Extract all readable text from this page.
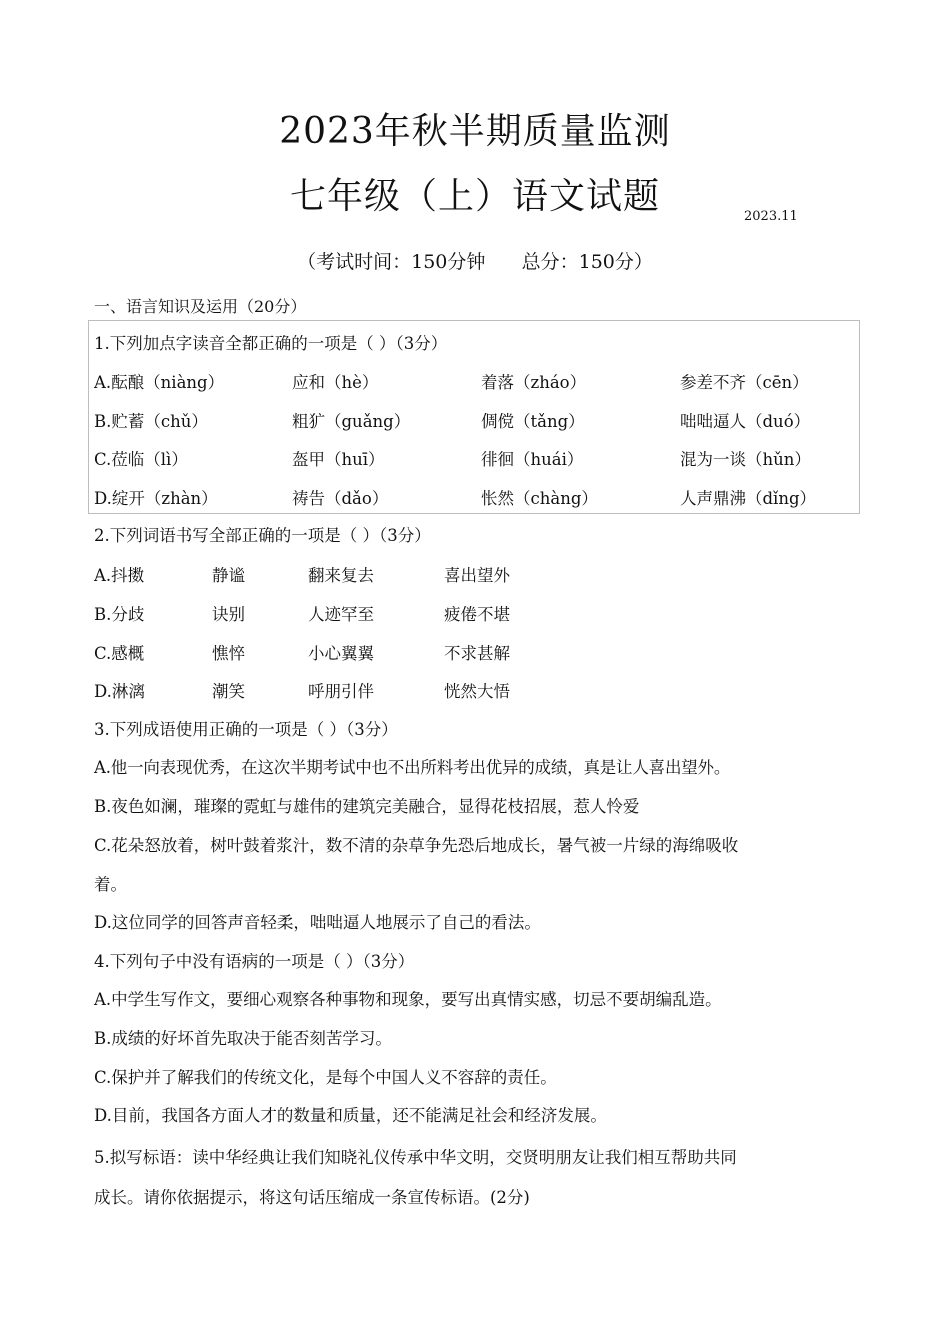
2023年秋半期质量监测
七年级（上）语文试题	2023.11
（考试时间：150分钟      总分：150分）
一、语言知识及运用（20分）
1.下列加点字读音全都正确的一项是（ ）（3分）
A.酝酿（niàng）	应和（hè）	着落（zháo）	参差不齐（cēn）
B.贮蓄（chǔ）	粗犷（guǎng）	倜傥（tǎng）	咄咄逼人（duó）
C.莅临（lì）	盔甲（huī）	徘徊（huái）	混为一谈（hǔn）
D.绽开（zhàn）	祷告（dǎo）	怅然（chàng）	人声鼎沸（dǐng）
2.下列词语书写全部正确的一项是（ ）（3分）
A.抖擞	静谧	翻来复去	喜出望外
B.分歧	诀别	人迹罕至	疲倦不堪
C.感概	憔悴	小心翼翼	不求甚解
D.淋漓	潮笑	呼朋引伴	恍然大悟
3.下列成语使用正确的一项是（ ）（3分）
A.他一向表现优秀，在这次半期考试中也不出所料考出优异的成绩，真是让人喜出望外。
B.夜色如澜，璀璨的霓虹与雄伟的建筑完美融合，显得花枝招展，惹人怜爱
C.花朵怒放着，树叶鼓着浆汁，数不清的杂草争先恐后地成长，暑气被一片绿的海绵吸收
着。
D.这位同学的回答声音轻柔，咄咄逼人地展示了自己的看法。
4.下列句子中没有语病的一项是（ ）（3分）
A.中学生写作文，要细心观察各种事物和现象，要写出真情实感，切忌不要胡编乱造。
B.成绩的好坏首先取决于能否刻苦学习。
C.保护并了解我们的传统文化，是每个中国人义不容辞的责任。
D.目前，我国各方面人才的数量和质量，还不能满足社会和经济发展。
5.拟写标语：读中华经典让我们知晓礼仪传承中华文明，交贤明朋友让我们相互帮助共同
成长。请你依据提示，将这句话压缩成一条宣传标语。(2分)
